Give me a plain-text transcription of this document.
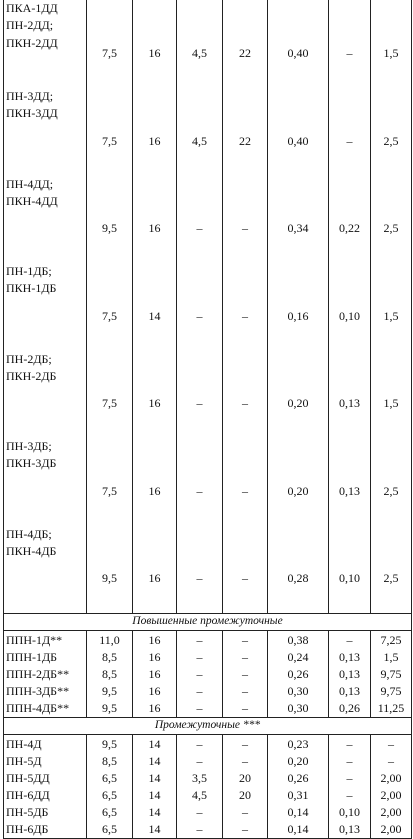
ПКА-1ДД
ПН-2ДД;
ПКН-2ДД	7,5	16	4,5	22	0,40	–	1,5

ПН-3ДД;
ПКН-3ДД	7,5	16	4,5	22	0,40	–	2,5

ПН-4ДД;
ПКН-4ДД	9,5	16	–	–	0,34	0,22	2,5

ПН-1ДБ;
ПКН-1ДБ	7,5	14	–	–	0,16	0,10	1,5

ПН-2ДБ;
ПКН-2ДБ	7,5	16	–	–	0,20	0,13	1,5

ПН-3ДБ;
ПКН-3ДБ	7,5	16	–	–	0,20	0,13	2,5

ПН-4ДБ;
ПКН-4ДБ	9,5	16	–	–	0,28	0,10	2,5
Повышенные промежуточные							
ППН-1Д**	11,0	16	–	–	0,38	–	7,25
ППН-1ДБ	8,5	16	–	–	0,24	0,13	1,5
ППН-2ДБ**	8,5	16	–	–	0,26	0,13	9,75
ППН-3ДБ**	9,5	16	–	–	0,30	0,13	9,75
ППН-4ДБ**	9,5	16	–	–	0,30	0,26	11,25
Промежуточные ***							
ПН-4Д	9,5	14	–	–	0,23	–	–
ПН-5Д	8,5	14	–	–	0,20	–	–
ПН-5ДД	6,5	14	3,5	20	0,26	–	2,00
ПН-6ДД	6,5	14	4,5	20	0,31	–	2,00
ПН-5ДБ	6,5	14	–	–	0,14	0,10	2,00
ПН-6ДБ	6,5	14	–	–	0,14	0,13	2,00
